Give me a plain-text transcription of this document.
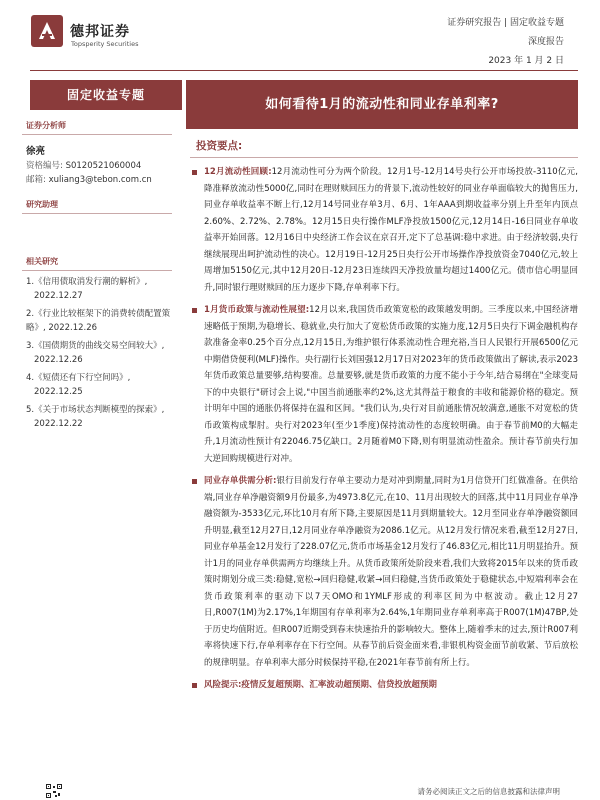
德邦证券
Topsperity Securities
证券研究报告 | 固定收益专题
深度报告
2023 年 1 月 2 日
固定收益专题
如何看待1月的流动性和同业存单利率?
证券分析师
徐亮
资格编号: S0120521060004
邮箱: xuliang3@tebon.com.cn
研究助理
相关研究
1.《信用债取消发行潮的解析》,
2022.12.27
2.《行业比较框架下的消费转债配置策略》, 2022.12.26
3.《国债期货的曲线交易空间较大》,
2022.12.26
4.《短债还有下行空间吗》,
2022.12.25
5.《关于市场状态判断模型的探索》,
2022.12.22
投资要点:
12月流动性回顾:12月流动性可分为两个阶段。12月1号-12月14号央行公开市场投放-3110亿元,降准释放流动性5000亿,同时在理财赎回压力的背景下,流动性较好的同业存单面临较大的抛售压力,同业存单收益率不断上行,12月14号同业存单3月、6月、1年AAA到期收益率分别上升至年内顶点2.60%、2.72%、2.78%。12月15日央行操作MLF净投放1500亿元,12月14日-16日同业存单收益率开始回落。12月16日中央经济工作会议在京召开,定下了总基调:稳中求进。由于经济较弱,央行继续展现出呵护流动性的决心。12月19日-12月25日央行公开市场操作净投放资金7040亿元,较上周增加5150亿元,其中12月20日-12月23日连续四天净投放量均超过1400亿元。债市信心明显回升,同时银行理财赎回的压力逐步下降,存单利率下行。
1月货币政策与流动性展望:12月以来,我国货币政策宽松的政策越发明朗。三季度以来,中国经济增速略低于预期,为稳增长、稳就业,央行加大了宽松货币政策的实施力度,12月5日央行下调金融机构存款准备金率0.25个百分点,12月15日,为维护银行体系流动性合理充裕,当日人民银行开展6500亿元中期借贷便利(MLF)操作。央行副行长刘国强12月17日对2023年的货币政策做出了解读,表示2023年货币政策总量要够,结构要准。总量要够,就是货币政策的力度不能小于今年,结合易纲在"全球变局下的中央银行"研讨会上说,"中国当前通胀率约2%,这尤其得益于粮食的丰收和能源价格的稳定。预计明年中国的通胀仍将保持在温和区间。"我们认为,央行对目前通胀情况较满意,通胀不对宽松的货币政策构成掣肘。央行对2023年(至少1季度)保持流动性的态度较明确。由于春节前M0的大幅走升,1月流动性预计有22046.75亿缺口。2月随着M0下降,则有明显流动性盈余。预计春节前央行加大逆回购规模进行对冲。
同业存单供需分析:银行目前发行存单主要动力是对冲到期量,同时为1月信贷开门红做准备。在供给端,同业存单净融资额9月份最多,为4973.8亿元,在10、11月出现较大的回落,其中11月同业存单净融资额为-3533亿元,环比10月有所下降,主要原因是11月到期量较大。12月至同业存单净融资额回升明显,截至12月27日,12月同业存单净融资为2086.1亿元。从12月发行情况来看,截至12月27日,同业存单基金12月发行了228.07亿元,货币市场基金12月发行了46.83亿元,相比11月明显抬升。预计1月的同业存单供需两方均继续上升。从货币政策所处阶段来看,我们大致将2015年以来的货币政策时期划分成三类:稳健,宽松→回归稳健,收紧→回归稳健,当货币政策处于稳健状态,中短端利率会在货币政策利率的驱动下以7天OMO和1YMLF形成的利率区间为中枢波动。截止12月27日,R007(1M)为2.17%,1年期国有存单利率为2.64%,1年期同业存单利率高于R007(1M)47BP,处于历史均值附近。但R007近期受到春末快速抬升的影响较大。整体上,随着季末的过去,预计R007利率将快速下行,存单利率存在下行空间。从春节前后资金面来看,非银机构资金面节前收紧、节后放松的规律明显。存单利率大部分时候保持平稳,在2021年春节前有所上行。
风险提示:疫情反复超预期、汇率波动超预期、信贷投放超预期
请务必阅读正文之后的信息披露和法律声明
